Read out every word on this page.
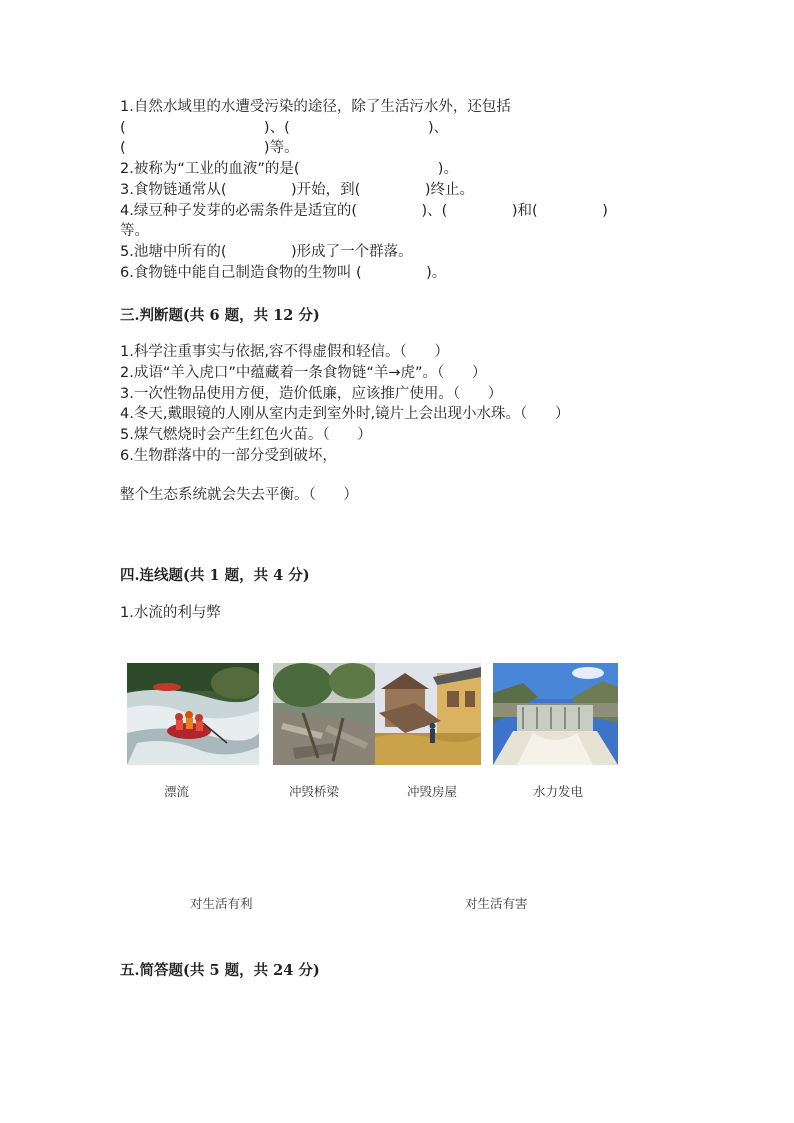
1.自然水域里的水遭受污染的途径，除了生活污水外，还包括
(                              )、(                              )、
(                              )等。
2.被称为“工业的血液”的是(                              )。
3.食物链通常从(              )开始，到(              )终止。
4.绿豆种子发芽的必需条件是适宜的(              )、(              )和(              )
等。
5.池塘中所有的(              )形成了一个群落。
6.食物链中能自己制造食物的生物叫 (              )。
三.判断题(共 6 题，共 12 分)
1.科学注重事实与依据,容不得虚假和轻信。（      ）
2.成语“羊入虎口”中蕴藏着一条食物链“羊→虎”。（      ）
3.一次性物品使用方便，造价低廉，应该推广使用。（      ）
4.冬天,戴眼镜的人刚从室内走到室外时,镜片上会出现小水珠。（      ）
5.煤气燃烧时会产生红色火苗。（      ）
6.生物群落中的一部分受到破坏，
整个生态系统就会失去平衡。（      ）
四.连线题(共 1 题，共 4 分)
1.水流的利与弊
漂流	冲毁桥梁	冲毁房屋	水力发电
对生活有利	对生活有害
五.简答题(共 5 题，共 24 分)
